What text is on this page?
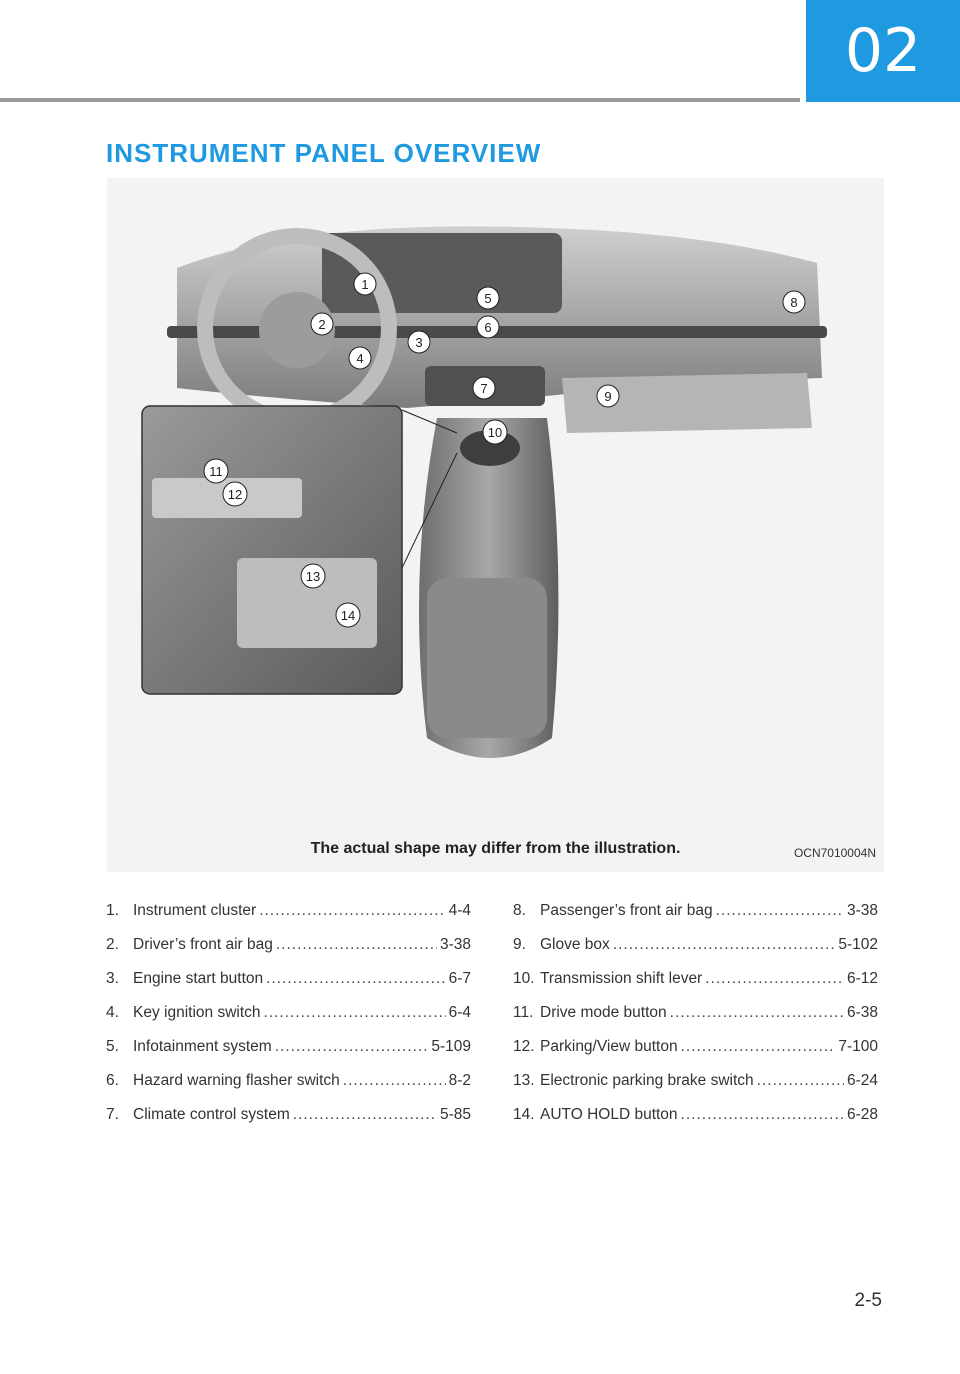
02
INSTRUMENT PANEL OVERVIEW
1
2
3
4
5
6
7
8
9
10
11
12
13
14
The actual shape may differ from the illustration.	OCN7010004N
1. Instrument cluster .....	4-4
2. Driver’s front air bag .....	3-38
3. Engine start button .....	6-7
4. Key ignition switch .....	6-4
5. Infotainment system .....	5-109
6. Hazard warning flasher switch .....	8-2
7. Climate control system .....	5-85
8. Passenger’s front air bag .....	3-38
9. Glove box .....	5-102
10. Transmission shift lever .....	6-12
11. Drive mode button .....	6-38
12. Parking/View button .....	7-100
13. Electronic parking brake switch .....	6-24
14. AUTO HOLD button .....	6-28
2-5
